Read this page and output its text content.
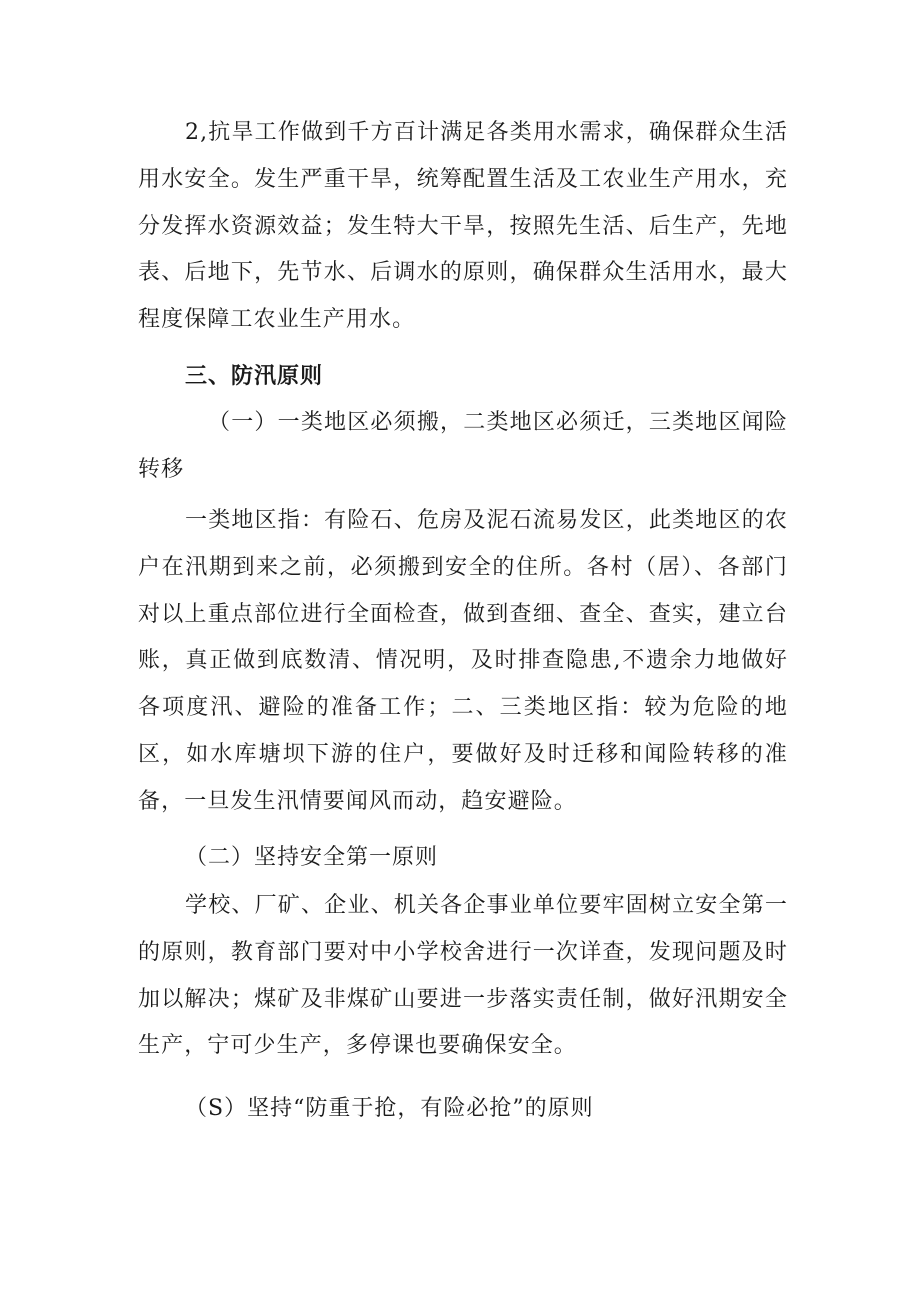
2,抗旱工作做到千方百计满足各类用水需求，确保群众生活用水安全。发生严重干旱，统筹配置生活及工农业生产用水，充分发挥水资源效益；发生特大干旱，按照先生活、后生产，先地表、后地下，先节水、后调水的原则，确保群众生活用水，最大程度保障工农业生产用水。

三、防汛原则

（一）一类地区必须搬，二类地区必须迁，三类地区闻险转移

一类地区指：有险石、危房及泥石流易发区，此类地区的农户在汛期到来之前，必须搬到安全的住所。各村（居）、各部门对以上重点部位进行全面检查，做到查细、查全、查实，建立台账，真正做到底数清、情况明，及时排查隐患,不遗余力地做好各项度汛、避险的准备工作；二、三类地区指：较为危险的地区，如水库塘坝下游的住户，要做好及时迁移和闻险转移的准备，一旦发生汛情要闻风而动，趋安避险。

（二）坚持安全第一原则

学校、厂矿、企业、机关各企事业单位要牢固树立安全第一的原则，教育部门要对中小学校舍进行一次详查，发现问题及时加以解决；煤矿及非煤矿山要进一步落实责任制，做好汛期安全生产，宁可少生产，多停课也要确保安全。

（S）坚持“防重于抢，有险必抢”的原则
